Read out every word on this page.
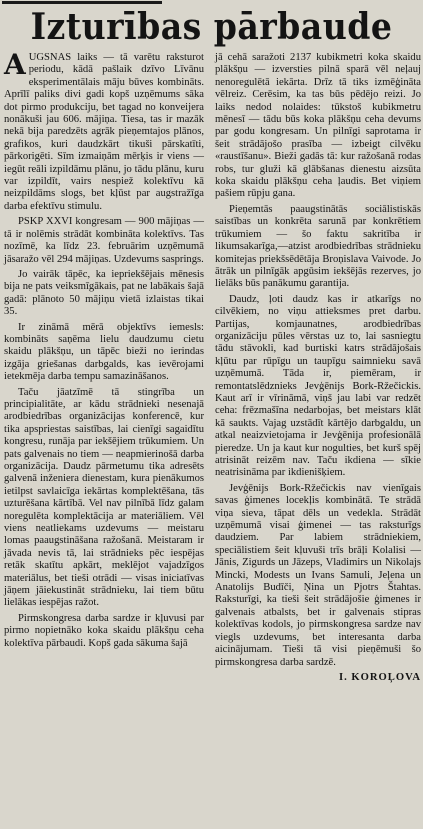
Izturības pārbaude

AUGSNAS laiks — tā varētu raksturot periodu, kādā pašlaik dzīvo Līvānu eksperimentālais māju būves kombināts. Aprīlī paliks divi gadi kopš uzņēmums sāka dot pirmo produkciju, bet tagad no konveijera nonākuši jau 606. mājiņa. Tiesa, tas ir mazāk nekā bija paredzēts agrāk pieņemtajos plānos, grafikos, kuri daudzkārt tikuši pārskatīti, pārkorigēti. Sīm izmaiņām mērķis ir viens — iegūt reāli izpildāmu plānu, jo tādu plānu, kuru var izpildīt, vairs nespiež kolektīvu kā neizpildāms slogs, bet kļūst par augstražīga darba efektīvu stimulu.

PSKP XXVI kongresam — 900 mājiņas — tā ir nolēmis strādāt kombināta kolektīvs. Tas nozīmē, ka līdz 23. februārim uzņēmumā jāsaražo vēl 294 mājiņas. Uzdevums sasprings.

Jo vairāk tāpēc, ka iepriekšējais mēnesis bija ne pats veiksmīgākais, pat ne labākais šajā gadā: plānoto 50 mājiņu vietā izlaistas tikai 35.

Ir zināmā mērā objektīvs iemesls: kombināts saņēma lielu daudzumu cietu skaidu plākšņu, un tāpēc bieži no ierindas izgāja griešanas darbgalds, kas ievērojami ietekmēja darba tempu samazināšanos.

Taču jāatzīmē tā stingrība un principialitāte, ar kādu strādnieki nesenajā arodbiedrības organizācijas konferencē, kur tika apspriestas saistības, lai cienīgi sagaidītu kongresu, runāja par iekšējiem trūkumiem. Un pats galvenais no tiem — neapmierinošā darba organizācija. Daudz pārmetumu tika adresēts galvenā inženiera dienestam, kura pienākumos ietilpst savlaicīga iekārtas komplektēšana, tās uzturēšana kārtībā. Vel nav pilnībā līdz galam noregulēta komplektācija ar materiāliem. Vēl viens neatliekams uzdevums — meistaru lomas paaugstināšana ražošanā. Meistaram ir jāvada nevis tā, lai strādnieks pēc iespējas retāk skatītu apkārt, meklējot vajadzīgos materiālus, bet tieši otrādi — visas iniciatīvas jāņem jāiekustināt strādnieku, lai tiem būtu lielākas iespējas ražot.

Pirmskongresa darba sardze ir kļuvusi par pirmo nopietnāko koka skaidu plākšņu ceha kolektīva pārbaudi. Kopš gada sākuma šajā

jā cehā saražoti 2137 kubikmetri koka skaidu plākšņu — izversties pilnā sparā vēl neļauj nenoregulētā iekārta. Drīz tā tiks izmēģināta vēlreiz. Cerēsim, ka tas būs pēdējo reizi. Jo laiks nedod nolaides: tūkstoš kubikmetru mēnesī — tādu būs koka plākšņu ceha devums par godu kongresam. Un pilnīgi saprotama ir šeit strādājošo prasība — izbeigt cilvēku «raustīšanu». Bieži gadās tā: kur ražošanā rodas robs, tur gluži kā glābšanas dienestu aizsūta koka skaidu plākšņu ceha ļaudis. Bet viņiem pašiem rūpju gana.

Pieņemtās paaugstinātās sociālistiskās saistības un konkrēta sarunā par konkrētiem trūkumiem — šo faktu sakritība ir likumsakarīga,—atzist arodbiedrības strādnieku komitejas priekšsēdētāja Broņislava Vaivode. Jo ātrāk un pilnīgāk apgūsim iekšējās rezerves, jo lielāks būs panākumu garantija.

Daudz, ļoti daudz kas ir atkarīgs no cilvēkiem, no viņu attieksmes pret darbu. Partijas, komjaunatnes, arodbiedrības organizāciju pūles vērstas uz to, lai sasniegtu tādu stāvokli, kad burtiski katrs strādājošais kļūtu par rūpīgu un taupīgu saimnieku savā uzņēmumā. Tāda ir, piemēram, ir remontatslēdznieks Jevģēnijs Bork-Ržečickis. Kaut arī ir vīrināmā, viņš jau labi var redzēt ceha: frēzmašīna nedarbojas, bet meistars klāt kā saukts. Vajag uzstādīt kārtējo darbgaldu, un atkal neaizvietojama ir Jevģēnija profesionālā pieredze. Un ja kaut kur nogulties, bet kurš spēj atrisināt reizēm nav. Taču ikdiena — sīkie neatrisināma par ikdienišķiem.

Jevģēnijs Bork-Ržečickis nav vienīgais savas ģimenes locekļis kombinātā. Te strādā viņa sieva, tāpat dēls un vedekla. Strādāt uzņēmumā visai ģimenei — tas raksturīgs daudziem. Par labiem strādniekiem, speciālistiem šeit kļuvuši trīs brāļi Kolalisi — Jānis, Zigurds un Jāzeps, Vladimirs un Nikolajs Mincki, Modests un Ivans Samuli, Jeļena un Anatolijs Budīči, Ņina un Pjotrs Štahtas. Raksturīgi, ka tieši šeit strādājošie ģimenes ir galvenais atbalsts, bet ir galvenais stipras kolektīvas kodols, jo pirmskongresa sardze nav viegls uzdevums, bet interesanta darba aicinājumam. Tieši tā visi pieņēmuši šo pirmskongresa darba sardzē.

I. KOROĻOVA
